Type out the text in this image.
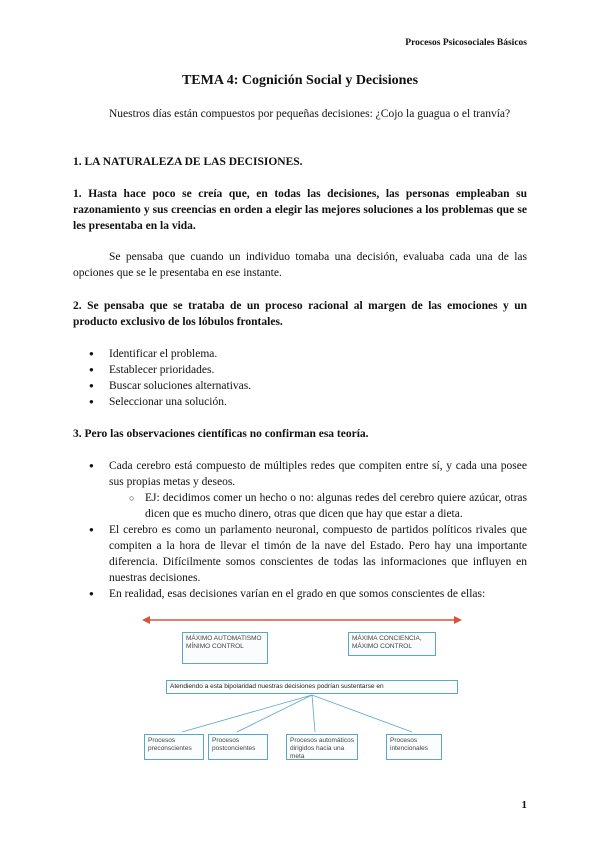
Procesos Psicosociales Básicos
TEMA 4: Cognición Social y Decisiones

Nuestros días están compuestos por pequeñas decisiones: ¿Cojo la guagua o el tranvía?

1. LA NATURALEZA DE LAS DECISIONES.

1. Hasta hace poco se creía que, en todas las decisiones, las personas empleaban su razonamiento y sus creencias en orden a elegir las mejores soluciones a los problemas que se les presentaba en la vida.

Se pensaba que cuando un individuo tomaba una decisión, evaluaba cada una de las opciones que se le presentaba en ese instante.

2. Se pensaba que se trataba de un proceso racional al margen de las emociones y un producto exclusivo de los lóbulos frontales.

● Identificar el problema.
● Establecer prioridades.
● Buscar soluciones alternativas.
● Seleccionar una solución.

3. Pero las observaciones científicas no confirman esa teoría.

● Cada cerebro está compuesto de múltiples redes que compiten entre sí, y cada una posee sus propias metas y deseos.
○ EJ: decidimos comer un hecho o no: algunas redes del cerebro quiere azúcar, otras dicen que es mucho dinero, otras que dicen que hay que estar a dieta.
● El cerebro es como un parlamento neuronal, compuesto de partidos políticos rivales que compiten a la hora de llevar el timón de la nave del Estado. Pero hay una importante diferencia. Difícilmente somos conscientes de todas las informaciones que influyen en nuestras decisiones.
● En realidad, esas decisiones varían en el grado en que somos conscientes de ellas:
MÁXIMO AUTOMATISMO MÍNIMO CONTROL
MÁXIMA CONCIENCIA, MÁXIMO CONTROL
Atendiendo a esta bipolaridad nuestras decisiones podrían sustentarse en
Procesos preconscientes
Procesos postconcientes
Procesos automáticos dirigidos hacia una meta
Procesos intencionales
1
